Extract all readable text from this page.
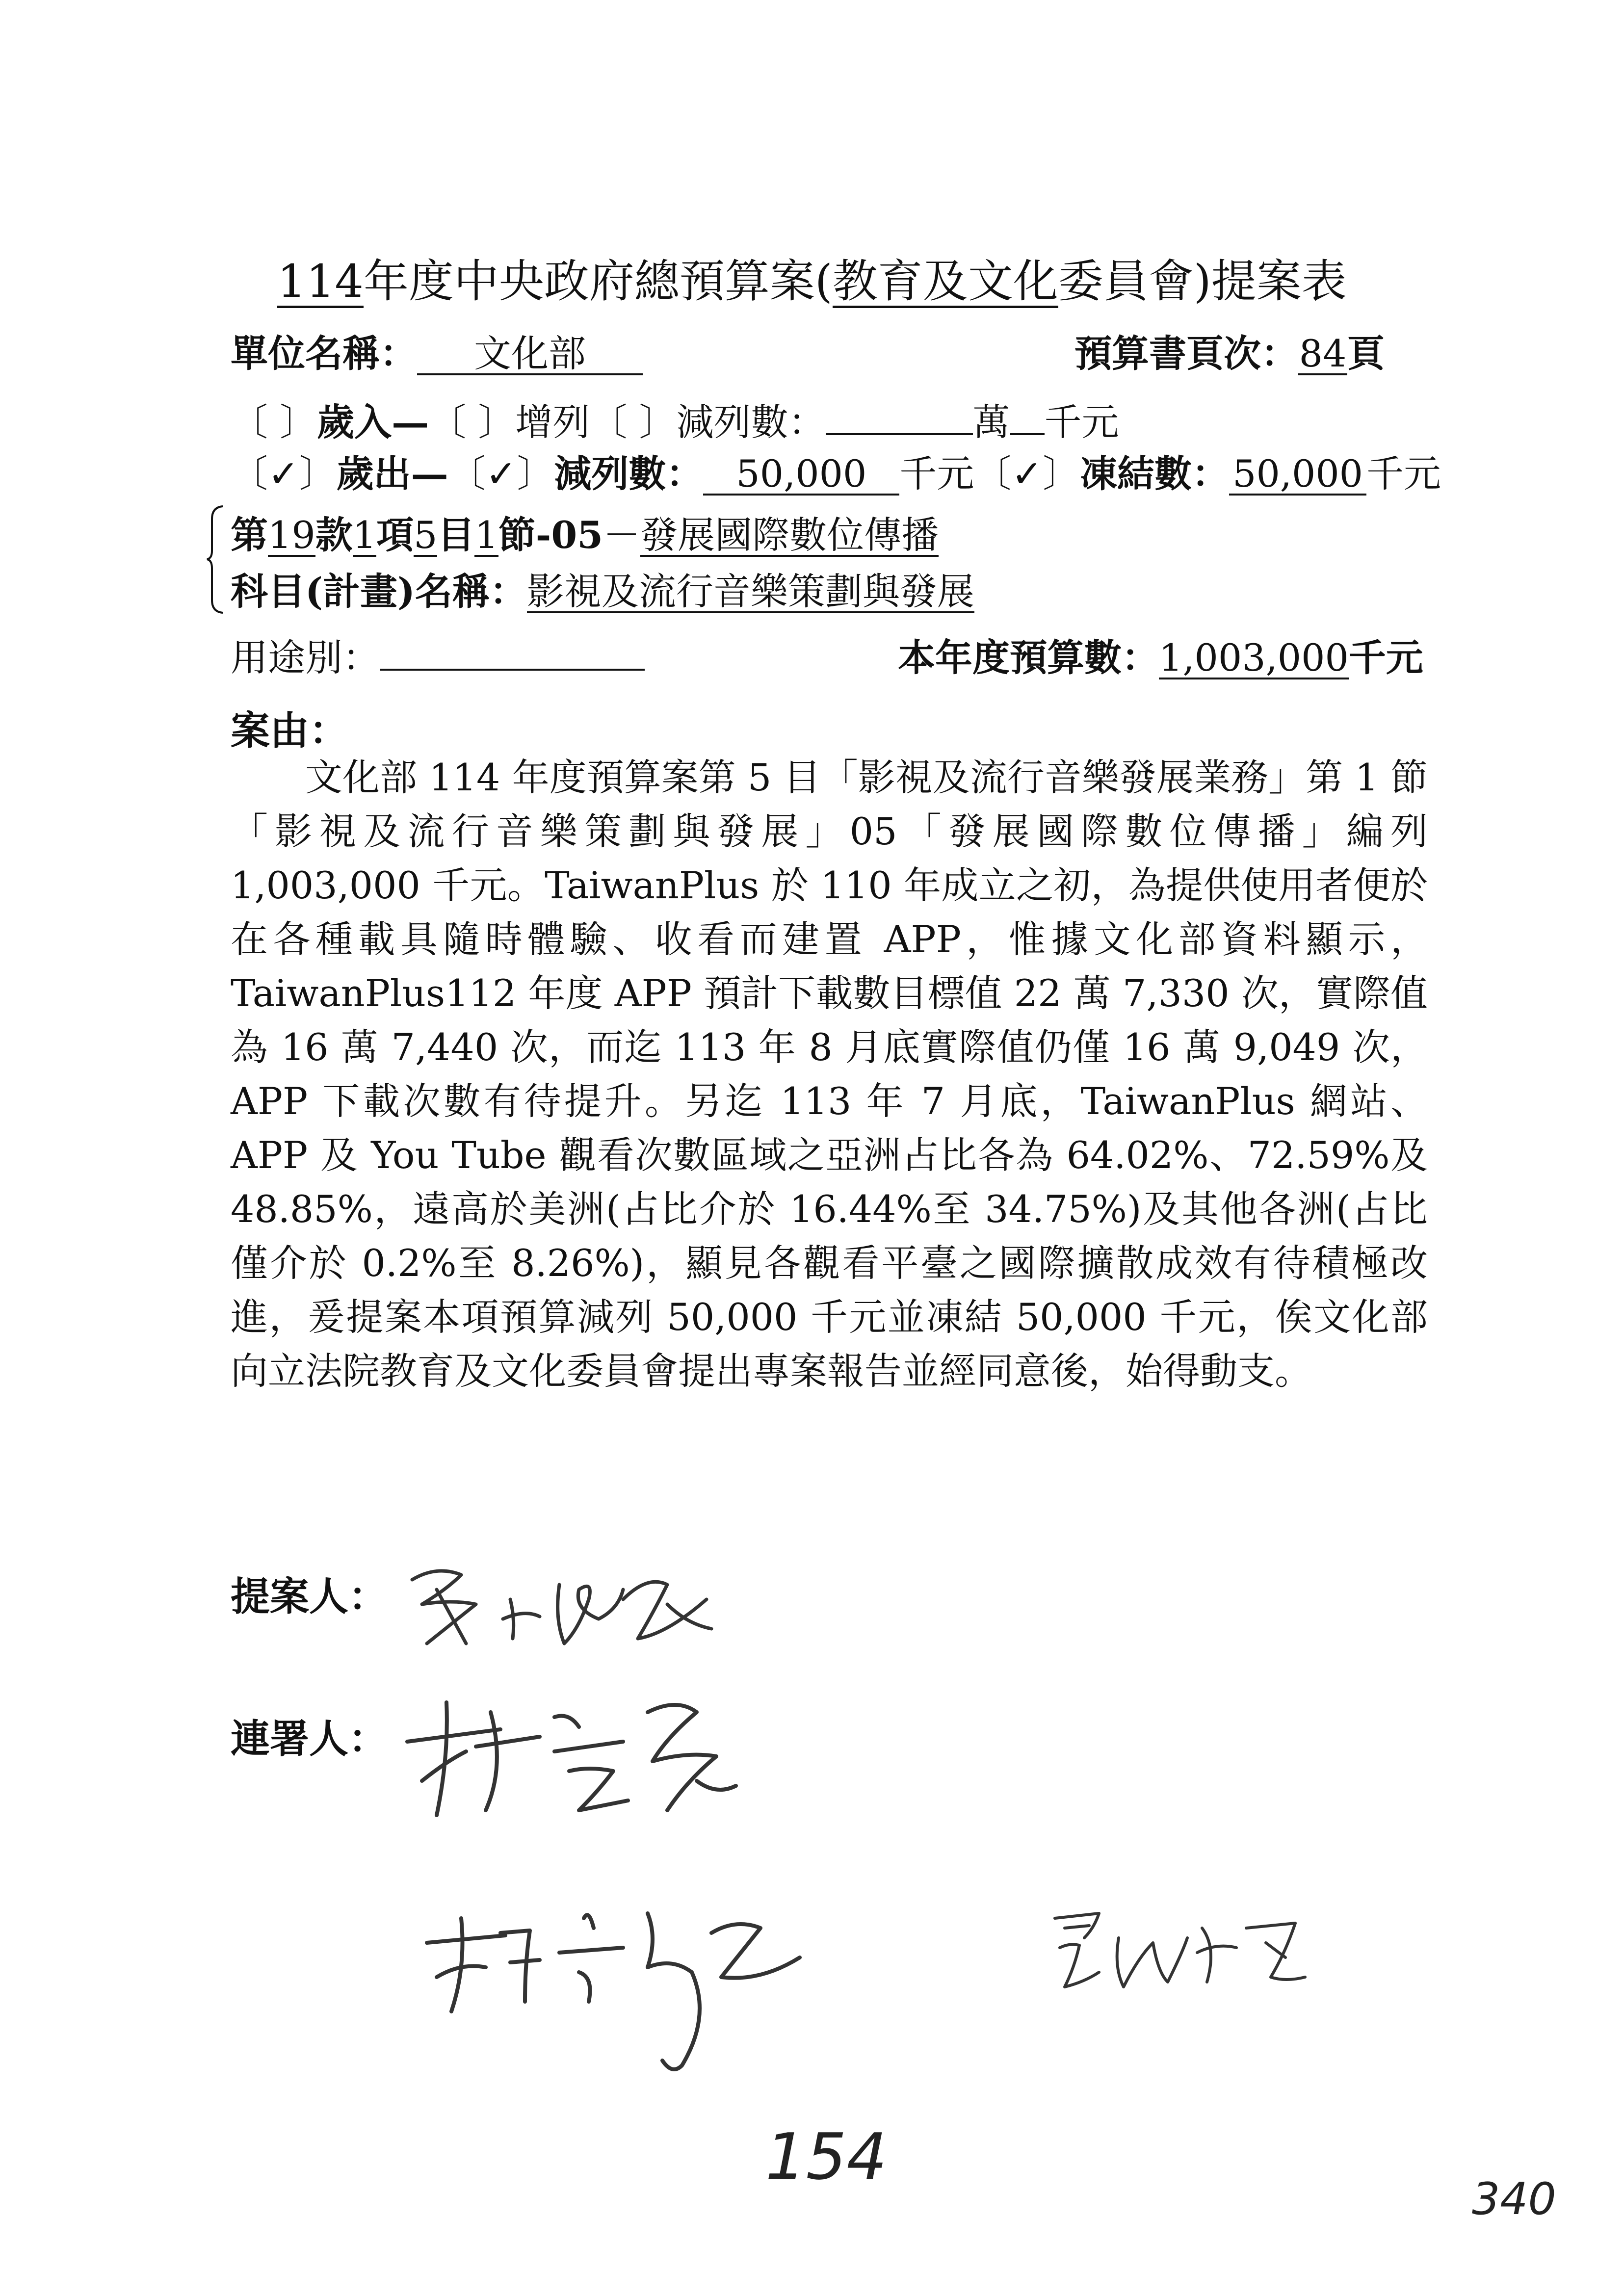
114年度中央政府總預算案(教育及文化委員會)提案表
單位名稱： 文化部	預算書頁次：84頁
〔 〕歲入—〔 〕增列〔 〕減列數：	萬 千元
〔✓〕歲出—〔✓〕減列數： 50,000 千元〔✓〕凍結數：50,000千元
第19款1項5目1節-05－發展國際數位傳播
科目(計畫)名稱：影視及流行音樂策劃與發展
用途別：	本年度預算數：1,003,000千元
案由：
文化部 114 年度預算案第 5 目「影視及流行音樂發展業務」第 1 節「影視及流行音樂策劃與發展」05「發展國際數位傳播」編列 1,003,000 千元。TaiwanPlus 於 110 年成立之初，為提供使用者便於在各種載具隨時體驗、收看而建置 APP，惟據文化部資料顯示，TaiwanPlus112 年度 APP 預計下載數目標值 22 萬 7,330 次，實際值為 16 萬 7,440 次，而迄 113 年 8 月底實際值仍僅 16 萬 9,049 次，APP 下載次數有待提升。另迄 113 年 7 月底，TaiwanPlus 網站、APP 及 You Tube 觀看次數區域之亞洲占比各為 64.02%、72.59%及 48.85%，遠高於美洲(占比介於 16.44%至 34.75%)及其他各洲(占比僅介於 0.2%至 8.26%)，顯見各觀看平臺之國際擴散成效有待積極改進，爰提案本項預算減列 50,000 千元並凍結 50,000 千元，俟文化部向立法院教育及文化委員會提出專案報告並經同意後，始得動支。
提案人：
連署人：
154
340
